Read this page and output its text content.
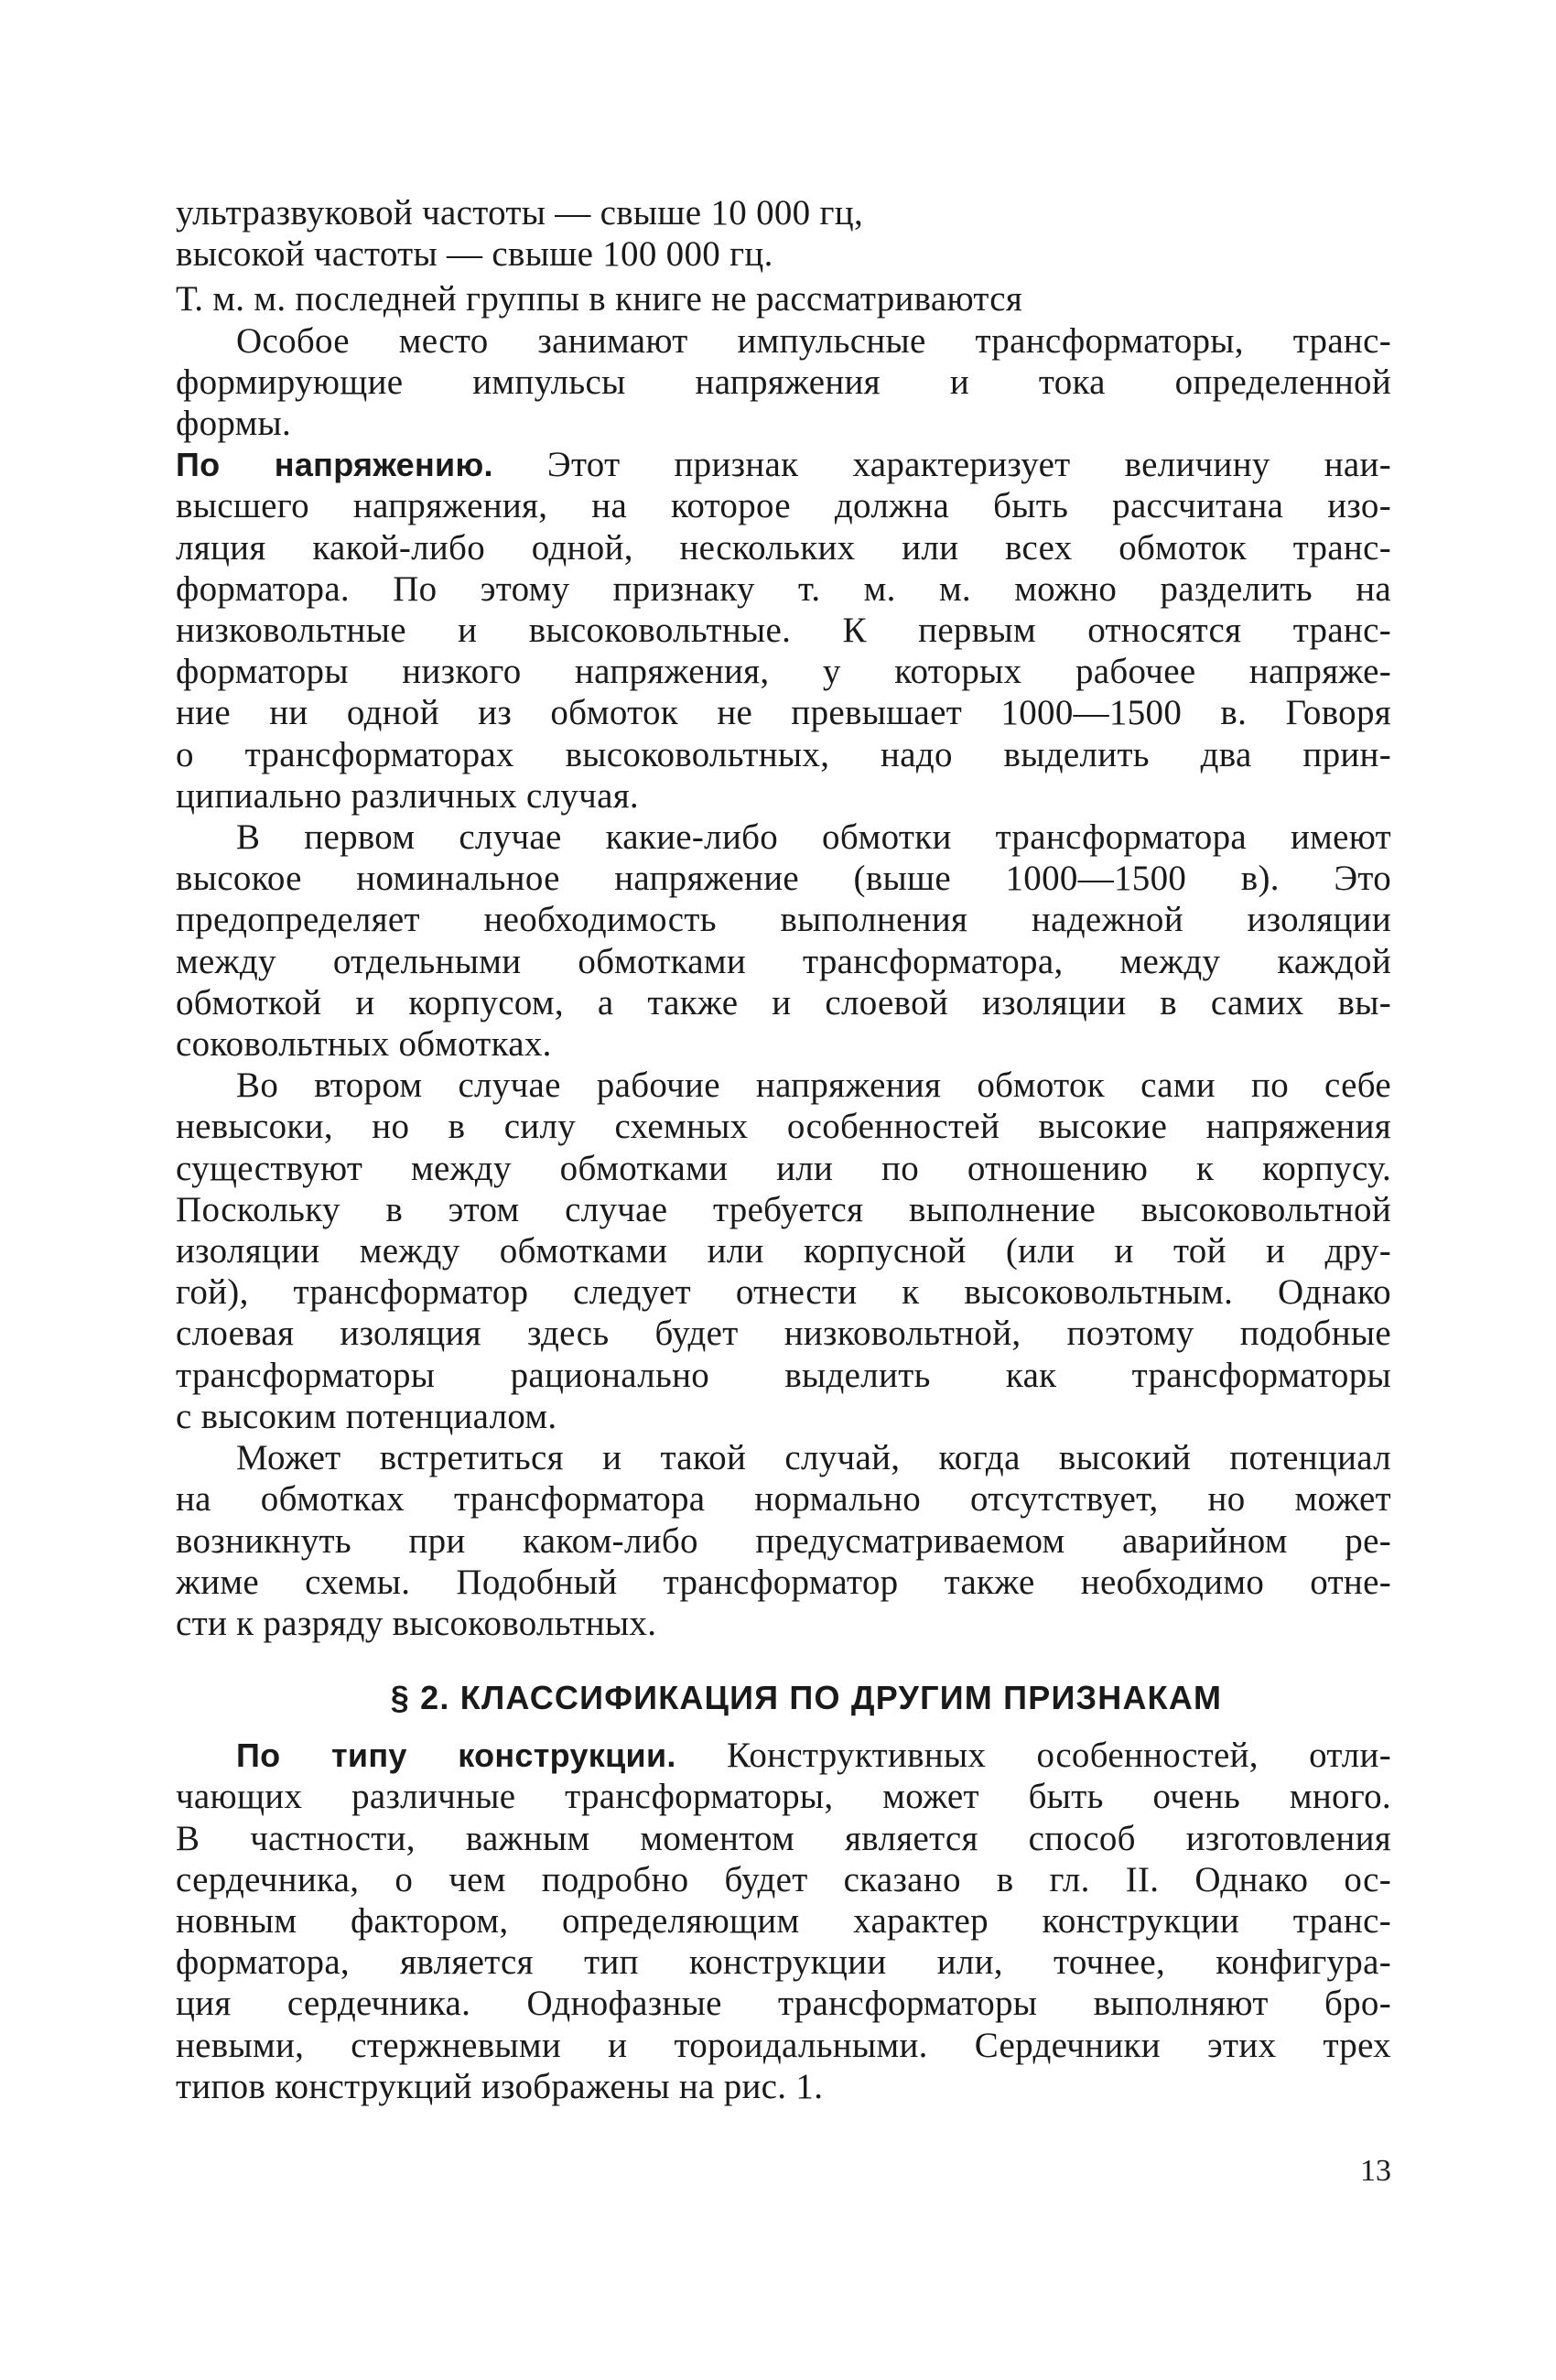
ультразвуковой частоты — свыше 10 000 гц,
высокой частоты — свыше 100 000 гц.
Т. м. м. последней группы в книге не рассматриваются
Особое место занимают импульсные трансформаторы, транс-
формирующие импульсы напряжения и тока определенной
формы.
По напряжению. Этот признак характеризует величину наи-
высшего напряжения, на которое должна быть рассчитана изо-
ляция какой-либо одной, нескольких или всех обмоток транс-
форматора. По этому признаку т. м. м. можно разделить на
низковольтные и высоковольтные. К первым относятся транс-
форматоры низкого напряжения, у которых рабочее напряже-
ние ни одной из обмоток не превышает 1000—1500 в. Говоря
о трансформаторах высоковольтных, надо выделить два прин-
ципиально различных случая.
В первом случае какие-либо обмотки трансформатора имеют
высокое номинальное напряжение (выше 1000—1500 в). Это
предопределяет необходимость выполнения надежной изоляции
между отдельными обмотками трансформатора, между каждой
обмоткой и корпусом, а также и слоевой изоляции в самих вы-
соковольтных обмотках.
Во втором случае рабочие напряжения обмоток сами по себе
невысоки, но в силу схемных особенностей высокие напряжения
существуют между обмотками или по отношению к корпусу.
Поскольку в этом случае требуется выполнение высоковольтной
изоляции между обмотками или корпусной (или и той и дру-
гой), трансформатор следует отнести к высоковольтным. Однако
слоевая изоляция здесь будет низковольтной, поэтому подобные
трансформаторы рационально выделить как трансформаторы
с высоким потенциалом.
Может встретиться и такой случай, когда высокий потенциал
на обмотках трансформатора нормально отсутствует, но может
возникнуть при каком-либо предусматриваемом аварийном ре-
жиме схемы. Подобный трансформатор также необходимо отне-
сти к разряду высоковольтных.
§ 2. КЛАССИФИКАЦИЯ ПО ДРУГИМ ПРИЗНАКАМ
По типу конструкции. Конструктивных особенностей, отли-
чающих различные трансформаторы, может быть очень много.
В частности, важным моментом является способ изготовления
сердечника, о чем подробно будет сказано в гл. II. Однако ос-
новным фактором, определяющим характер конструкции транс-
форматора, является тип конструкции или, точнее, конфигура-
ция сердечника. Однофазные трансформаторы выполняют бро-
невыми, стержневыми и тороидальными. Сердечники этих трех
типов конструкций изображены на рис. 1.
13
